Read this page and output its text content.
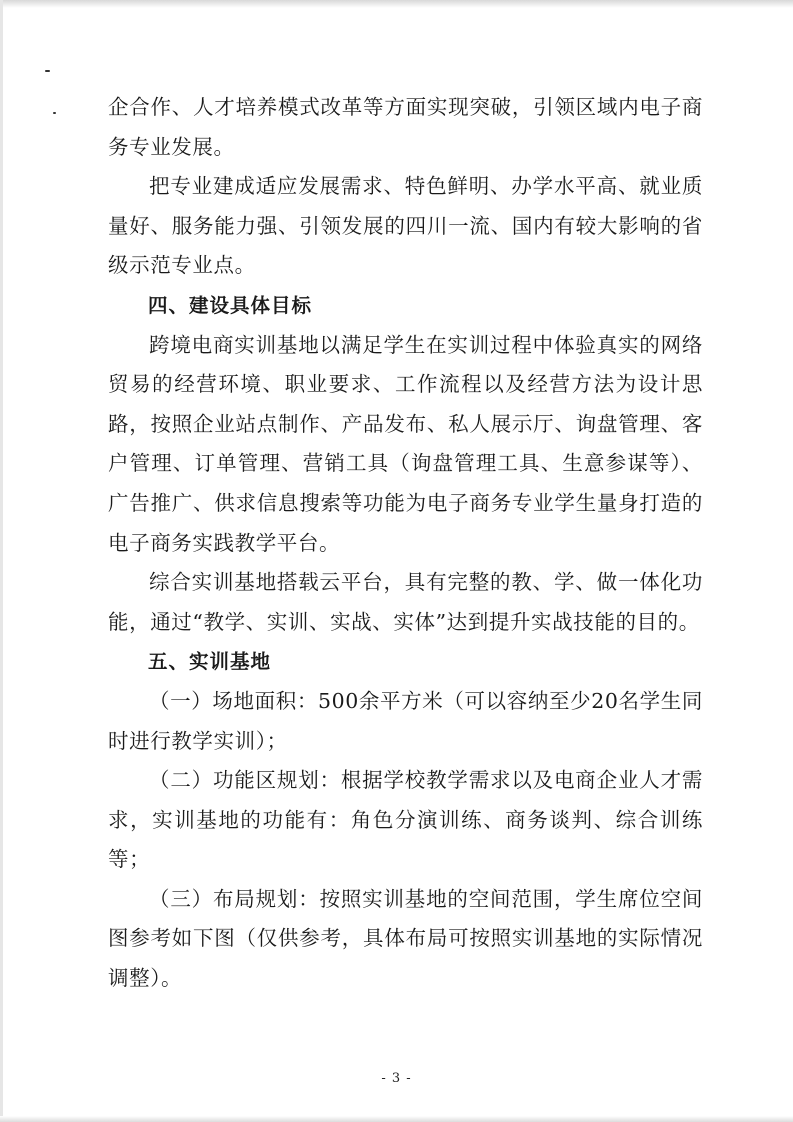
企合作、人才培养模式改革等方面实现突破，引领区域内电子商务专业发展。

把专业建成适应发展需求、特色鲜明、办学水平高、就业质量好、服务能力强、引领发展的四川一流、国内有较大影响的省级示范专业点。

四、建设具体目标

跨境电商实训基地以满足学生在实训过程中体验真实的网络贸易的经营环境、职业要求、工作流程以及经营方法为设计思路，按照企业站点制作、产品发布、私人展示厅、询盘管理、客户管理、订单管理、营销工具（询盘管理工具、生意参谋等）、广告推广、供求信息搜索等功能为电子商务专业学生量身打造的电子商务实践教学平台。

综合实训基地搭载云平台，具有完整的教、学、做一体化功能，通过“教学、实训、实战、实体”达到提升实战技能的目的。

五、实训基地

（一）场地面积：500余平方米（可以容纳至少20名学生同时进行教学实训）；

（二）功能区规划：根据学校教学需求以及电商企业人才需求，实训基地的功能有：角色分演训练、商务谈判、综合训练等；

（三）布局规划：按照实训基地的空间范围，学生席位空间图参考如下图（仅供参考，具体布局可按照实训基地的实际情况调整）。

- 3 -
